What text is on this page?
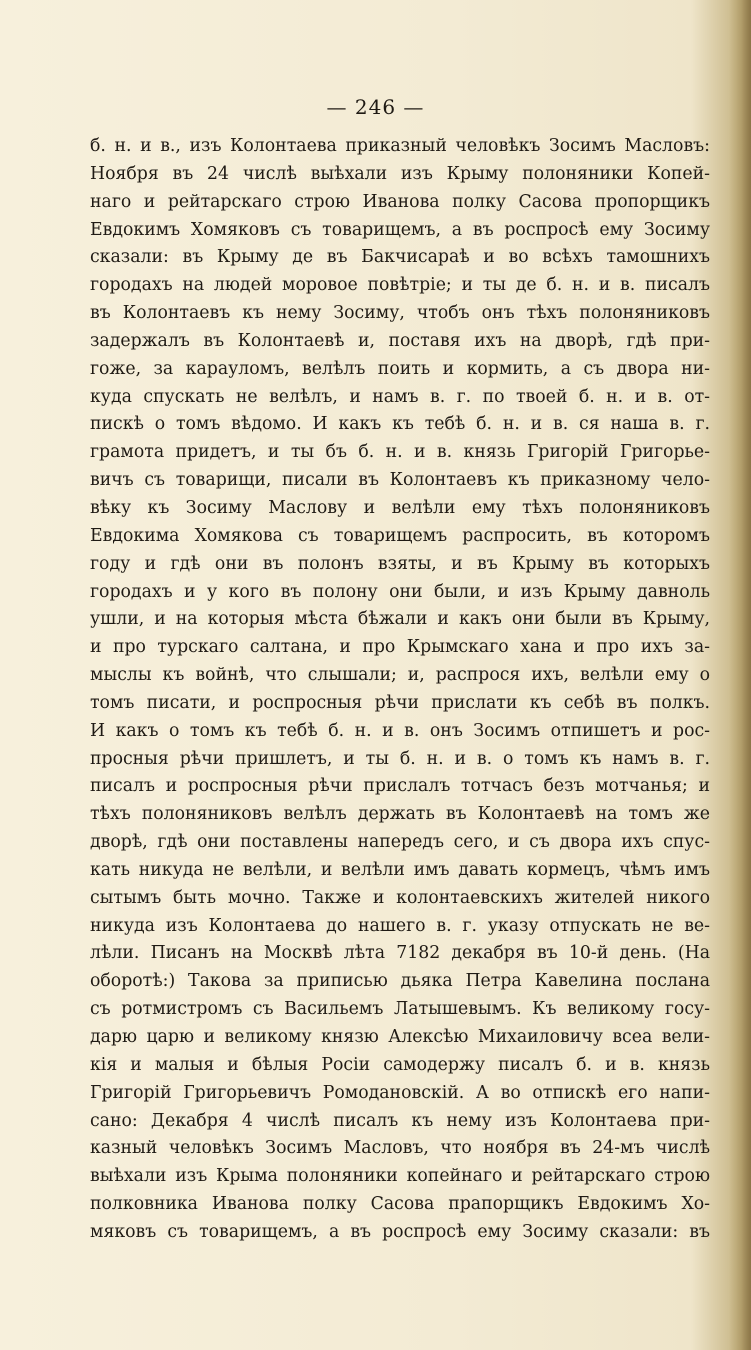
— 246 —
б. н. и в., изъ Колонтаева приказный человѣкъ Зосимъ Масловъ:
Ноября въ 24 числѣ выѣхали изъ Крыму полоняники Копей-
наго и рейтарскаго строю Иванова полку Сасова пропорщикъ
Евдокимъ Хомяковъ съ товарищемъ, а въ роспросѣ ему Зосиму
сказали: въ Крыму де въ Бакчисараѣ и во всѣхъ тамошнихъ
городахъ на людей моровое повѣтріе; и ты де б. н. и в. писалъ
въ Колонтаевъ къ нему Зосиму, чтобъ онъ тѣхъ полоняниковъ
задержалъ въ Колонтаевѣ и, поставя ихъ на дворѣ, гдѣ при-
гоже, за карауломъ, велѣлъ поить и кормить, а съ двора ни-
куда спускать не велѣлъ, и намъ в. г. по твоей б. н. и в. от-
пискѣ о томъ вѣдомо. И какъ къ тебѣ б. н. и в. ся наша в. г.
грамота придетъ, и ты бъ б. н. и в. князь Григорій Григорье-
вичъ съ товарищи, писали въ Колонтаевъ къ приказному чело-
вѣку къ Зосиму Маслову и велѣли ему тѣхъ полоняниковъ
Евдокима Хомякова съ товарищемъ распросить, въ которомъ
году и гдѣ они въ полонъ взяты, и въ Крыму въ которыхъ
городахъ и у кого въ полону они были, и изъ Крыму давноль
ушли, и на которыя мѣста бѣжали и какъ они были въ Крыму,
и про турскаго салтана, и про Крымскаго хана и про ихъ за-
мыслы къ войнѣ, что слышали; и, распрося ихъ, велѣли ему о
томъ писати, и роспросныя рѣчи прислати къ себѣ въ полкъ.
И какъ о томъ къ тебѣ б. н. и в. онъ Зосимъ отпишетъ и рос-
просныя рѣчи пришлетъ, и ты б. н. и в. о томъ къ намъ в. г.
писалъ и роспросныя рѣчи прислалъ тотчасъ безъ мотчанья; и
тѣхъ полоняниковъ велѣлъ держать въ Колонтаевѣ на томъ же
дворѣ, гдѣ они поставлены напередъ сего, и съ двора ихъ спус-
кать никуда не велѣли, и велѣли имъ давать кормецъ, чѣмъ имъ
сытымъ быть мочно. Также и колонтаевскихъ жителей никого
никуда изъ Колонтаева до нашего в. г. указу отпускать не ве-
лѣли. Писанъ на Москвѣ лѣта 7182 декабря въ 10-й день. (На
оборотѣ:) Такова за приписью дьяка Петра Кавелина послана
съ ротмистромъ съ Васильемъ Латышевымъ. Къ великому госу-
дарю царю и великому князю Алексѣю Михаиловичу всеа вели-
кія и малыя и бѣлыя Росіи самодержу писалъ б. и в. князь
Григорій Григорьевичъ Ромодановскій. А во отпискѣ его напи-
сано: Декабря 4 числѣ писалъ къ нему изъ Колонтаева при-
казный человѣкъ Зосимъ Масловъ, что ноября въ 24-мъ числѣ
выѣхали изъ Крыма полоняники копейнаго и рейтарскаго строю
полковника Иванова полку Сасова прапорщикъ Евдокимъ Хо-
мяковъ съ товарищемъ, а въ роспросѣ ему Зосиму сказали: въ
